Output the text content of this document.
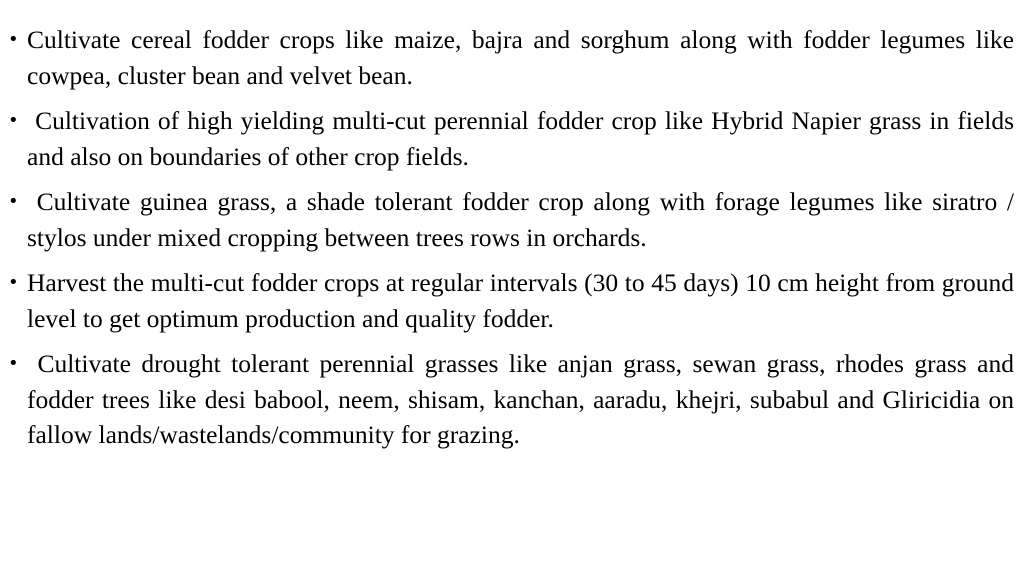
• Cultivate cereal fodder crops like maize, bajra and sorghum along with fodder legumes like cowpea, cluster bean and velvet bean.
• Cultivation of high yielding multi-cut perennial fodder crop like Hybrid Napier grass in fields and also on boundaries of other crop fields.
• Cultivate guinea grass, a shade tolerant fodder crop along with forage legumes like siratro / stylos under mixed cropping between trees rows in orchards.
• Harvest the multi-cut fodder crops at regular intervals (30 to 45 days) 10 cm height from ground level to get optimum production and quality fodder.
• Cultivate drought tolerant perennial grasses like anjan grass, sewan grass, rhodes grass and fodder trees like desi babool, neem, shisam, kanchan, aaradu, khejri, subabul and Gliricidia on fallow lands/wastelands/community for grazing.
